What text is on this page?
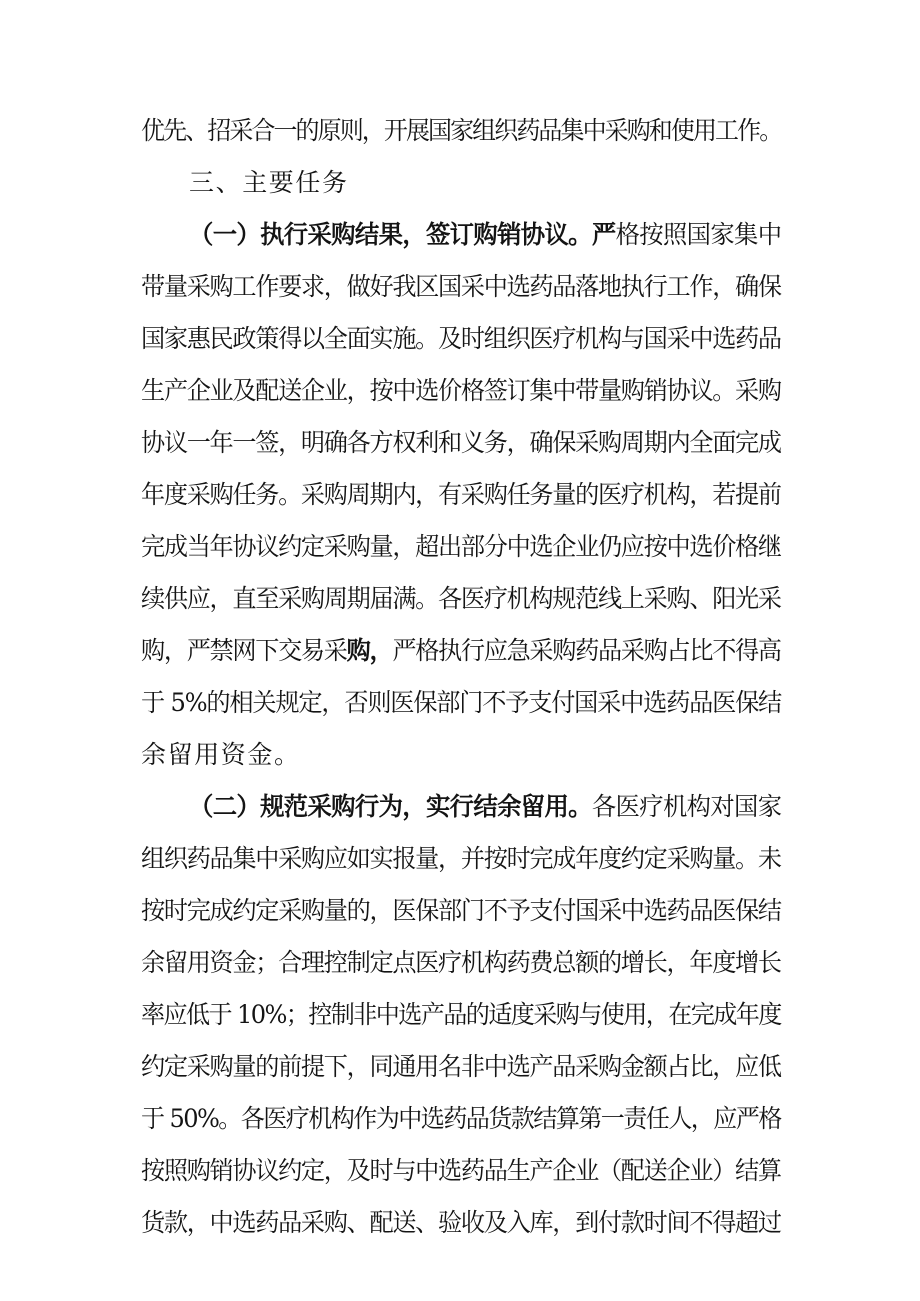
优先、招采合一的原则，开展国家组织药品集中采购和使用工作。
三、主要任务
（一）执行采购结果，签订购销协议。严格按照国家集中
带量采购工作要求，做好我区国采中选药品落地执行工作，确保
国家惠民政策得以全面实施。及时组织医疗机构与国采中选药品
生产企业及配送企业，按中选价格签订集中带量购销协议。采购
协议一年一签，明确各方权利和义务，确保采购周期内全面完成
年度采购任务。采购周期内，有采购任务量的医疗机构，若提前
完成当年协议约定采购量，超出部分中选企业仍应按中选价格继
续供应，直至采购周期届满。各医疗机构规范线上采购、阳光采
购，严禁网下交易采购，严格执行应急采购药品采购占比不得高
于 5%的相关规定，否则医保部门不予支付国采中选药品医保结
余留用资金。
（二）规范采购行为，实行结余留用。各医疗机构对国家
组织药品集中采购应如实报量，并按时完成年度约定采购量。未
按时完成约定采购量的，医保部门不予支付国采中选药品医保结
余留用资金；合理控制定点医疗机构药费总额的增长，年度增长
率应低于 10%；控制非中选产品的适度采购与使用，在完成年度
约定采购量的前提下，同通用名非中选产品采购金额占比，应低
于 50%。各医疗机构作为中选药品货款结算第一责任人，应严格
按照购销协议约定，及时与中选药品生产企业（配送企业）结算
货款，中选药品采购、配送、验收及入库，到付款时间不得超过
